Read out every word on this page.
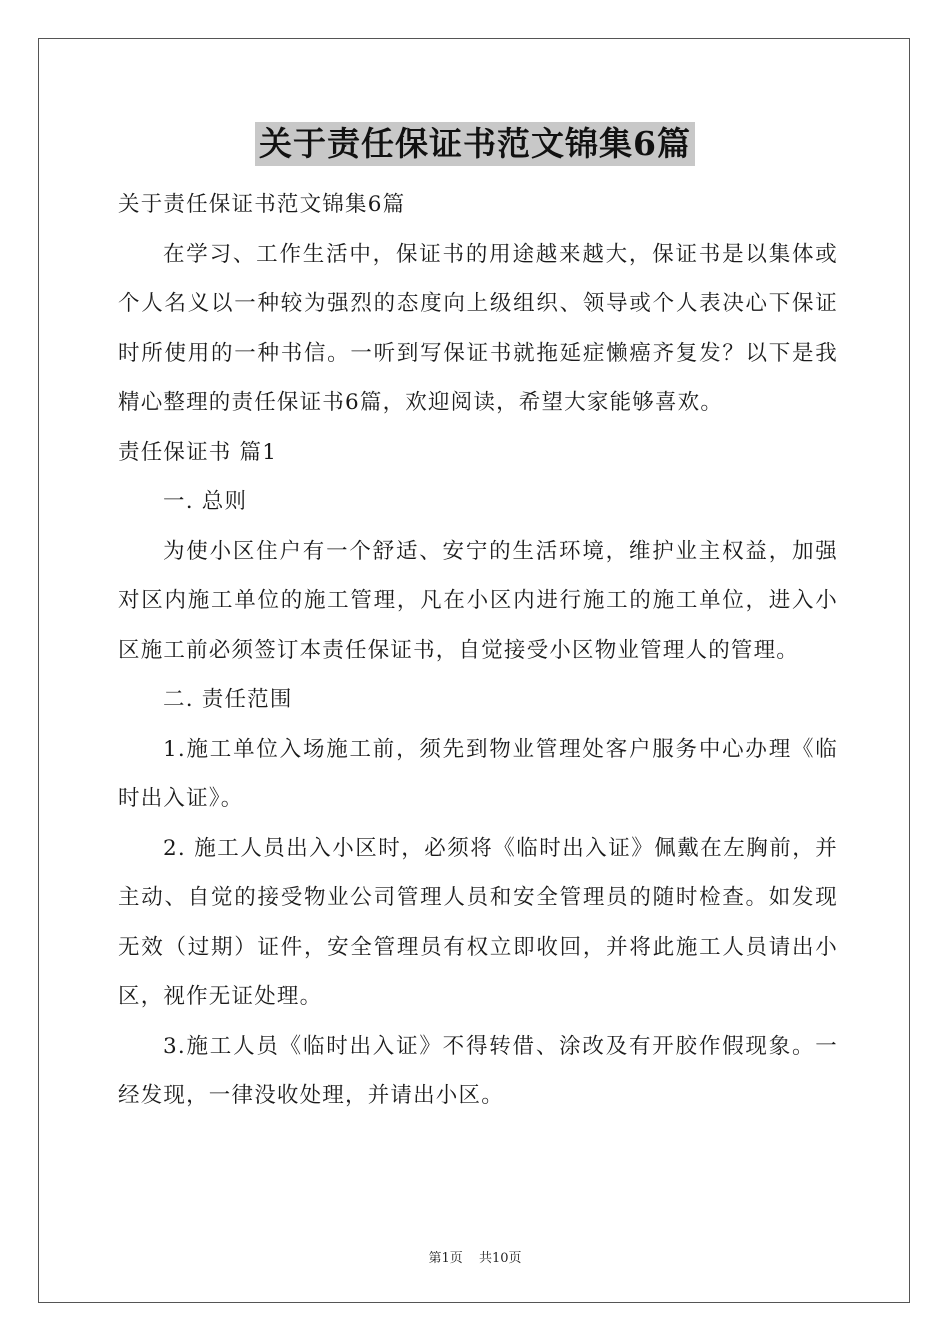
关于责任保证书范文锦集6篇

关于责任保证书范文锦集6篇

在学习、工作生活中，保证书的用途越来越大，保证书是以集体或个人名义以一种较为强烈的态度向上级组织、领导或个人表决心下保证时所使用的一种书信。一听到写保证书就拖延症懒癌齐复发？以下是我精心整理的责任保证书6篇，欢迎阅读，希望大家能够喜欢。

责任保证书 篇1

一. 总则

为使小区住户有一个舒适、安宁的生活环境，维护业主权益，加强对区内施工单位的施工管理，凡在小区内进行施工的施工单位，进入小区施工前必须签订本责任保证书，自觉接受小区物业管理人的管理。

二. 责任范围

1.施工单位入场施工前，须先到物业管理处客户服务中心办理《临时出入证》。

2. 施工人员出入小区时，必须将《临时出入证》佩戴在左胸前，并主动、自觉的接受物业公司管理人员和安全管理员的随时检查。如发现无效（过期）证件，安全管理员有权立即收回，并将此施工人员请出小区，视作无证处理。

3.施工人员《临时出入证》不得转借、涂改及有开胶作假现象。一经发现，一律没收处理，并请出小区。

第1页 共10页
